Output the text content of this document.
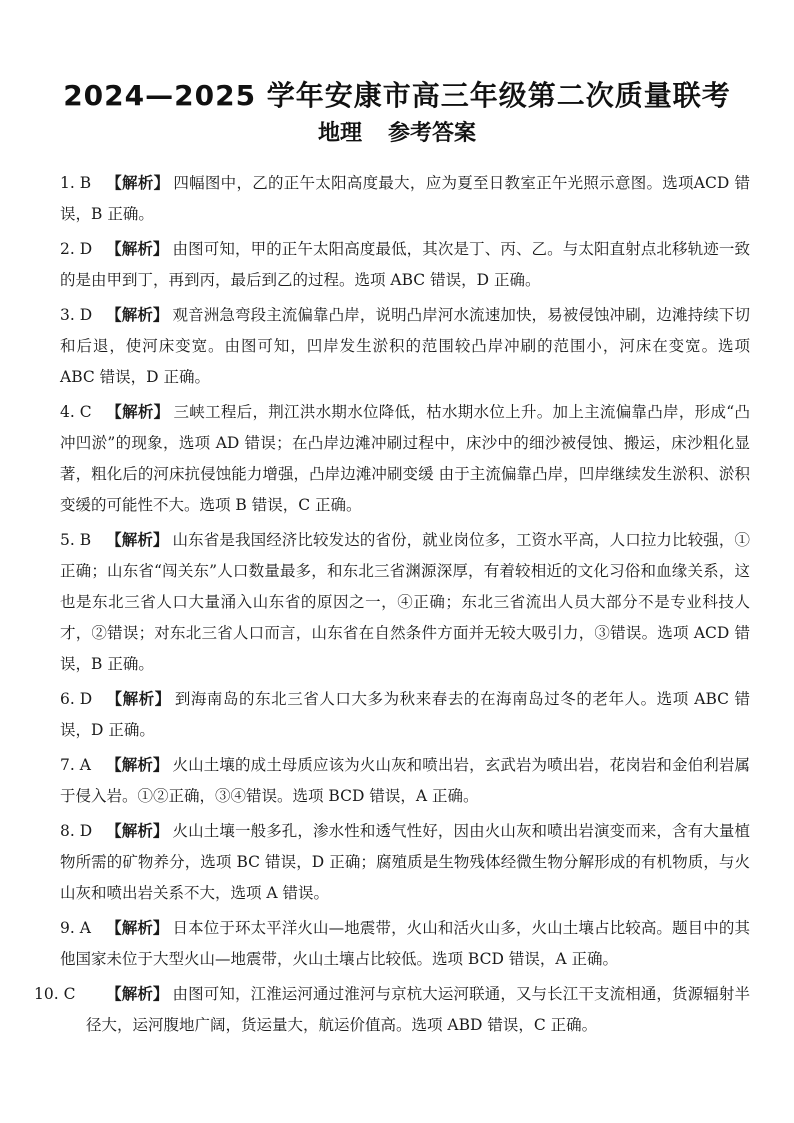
2024—2025 学年安康市高三年级第二次质量联考
地理 参考答案
1. B 【解析】 四幅图中，乙的正午太阳高度最大，应为夏至日教室正午光照示意图。选项ACD 错误，B 正确。
2. D 【解析】 由图可知，甲的正午太阳高度最低，其次是丁、丙、乙。与太阳直射点北移轨迹一致的是由甲到丁，再到丙，最后到乙的过程。选项 ABC 错误，D 正确。
3. D 【解析】 观音洲急弯段主流偏靠凸岸，说明凸岸河水流速加快，易被侵蚀冲刷，边滩持续下切和后退，使河床变宽。由图可知，凹岸发生淤积的范围较凸岸冲刷的范围小，河床在变宽。选项 ABC 错误，D 正确。
4. C 【解析】 三峡工程后，荆江洪水期水位降低，枯水期水位上升。加上主流偏靠凸岸，形成“凸冲凹淤”的现象，选项 AD 错误；在凸岸边滩冲刷过程中，床沙中的细沙被侵蚀、搬运，床沙粗化显著，粗化后的河床抗侵蚀能力增强，凸岸边滩冲刷变缓 由于主流偏靠凸岸，凹岸继续发生淤积、淤积变缓的可能性不大。选项 B 错误，C 正确。
5. B 【解析】 山东省是我国经济比较发达的省份，就业岗位多，工资水平高，人口拉力比较强，①正确；山东省“闯关东”人口数量最多，和东北三省渊源深厚，有着较相近的文化习俗和血缘关系，这也是东北三省人口大量涌入山东省的原因之一，④正确；东北三省流出人员大部分不是专业科技人才，②错误；对东北三省人口而言，山东省在自然条件方面并无较大吸引力，③错误。选项 ACD 错误，B 正确。
6. D 【解析】 到海南岛的东北三省人口大多为秋来春去的在海南岛过冬的老年人。选项 ABC 错误，D 正确。
7. A 【解析】 火山土壤的成土母质应该为火山灰和喷出岩，玄武岩为喷出岩，花岗岩和金伯利岩属于侵入岩。①②正确，③④错误。选项 BCD 错误，A 正确。
8. D 【解析】 火山土壤一般多孔，渗水性和透气性好，因由火山灰和喷出岩演变而来，含有大量植物所需的矿物养分，选项 BC 错误，D 正确；腐殖质是生物残体经微生物分解形成的有机物质，与火山灰和喷出岩关系不大，选项 A 错误。
9. A 【解析】 日本位于环太平洋火山—地震带，火山和活火山多，火山土壤占比较高。题目中的其他国家未位于大型火山—地震带，火山土壤占比较低。选项 BCD 错误，A 正确。
10. C 【解析】 由图可知，江淮运河通过淮河与京杭大运河联通，又与长江干支流相通，货源辐射半径大，运河腹地广阔，货运量大，航运价值高。选项 ABD 错误，C 正确。
